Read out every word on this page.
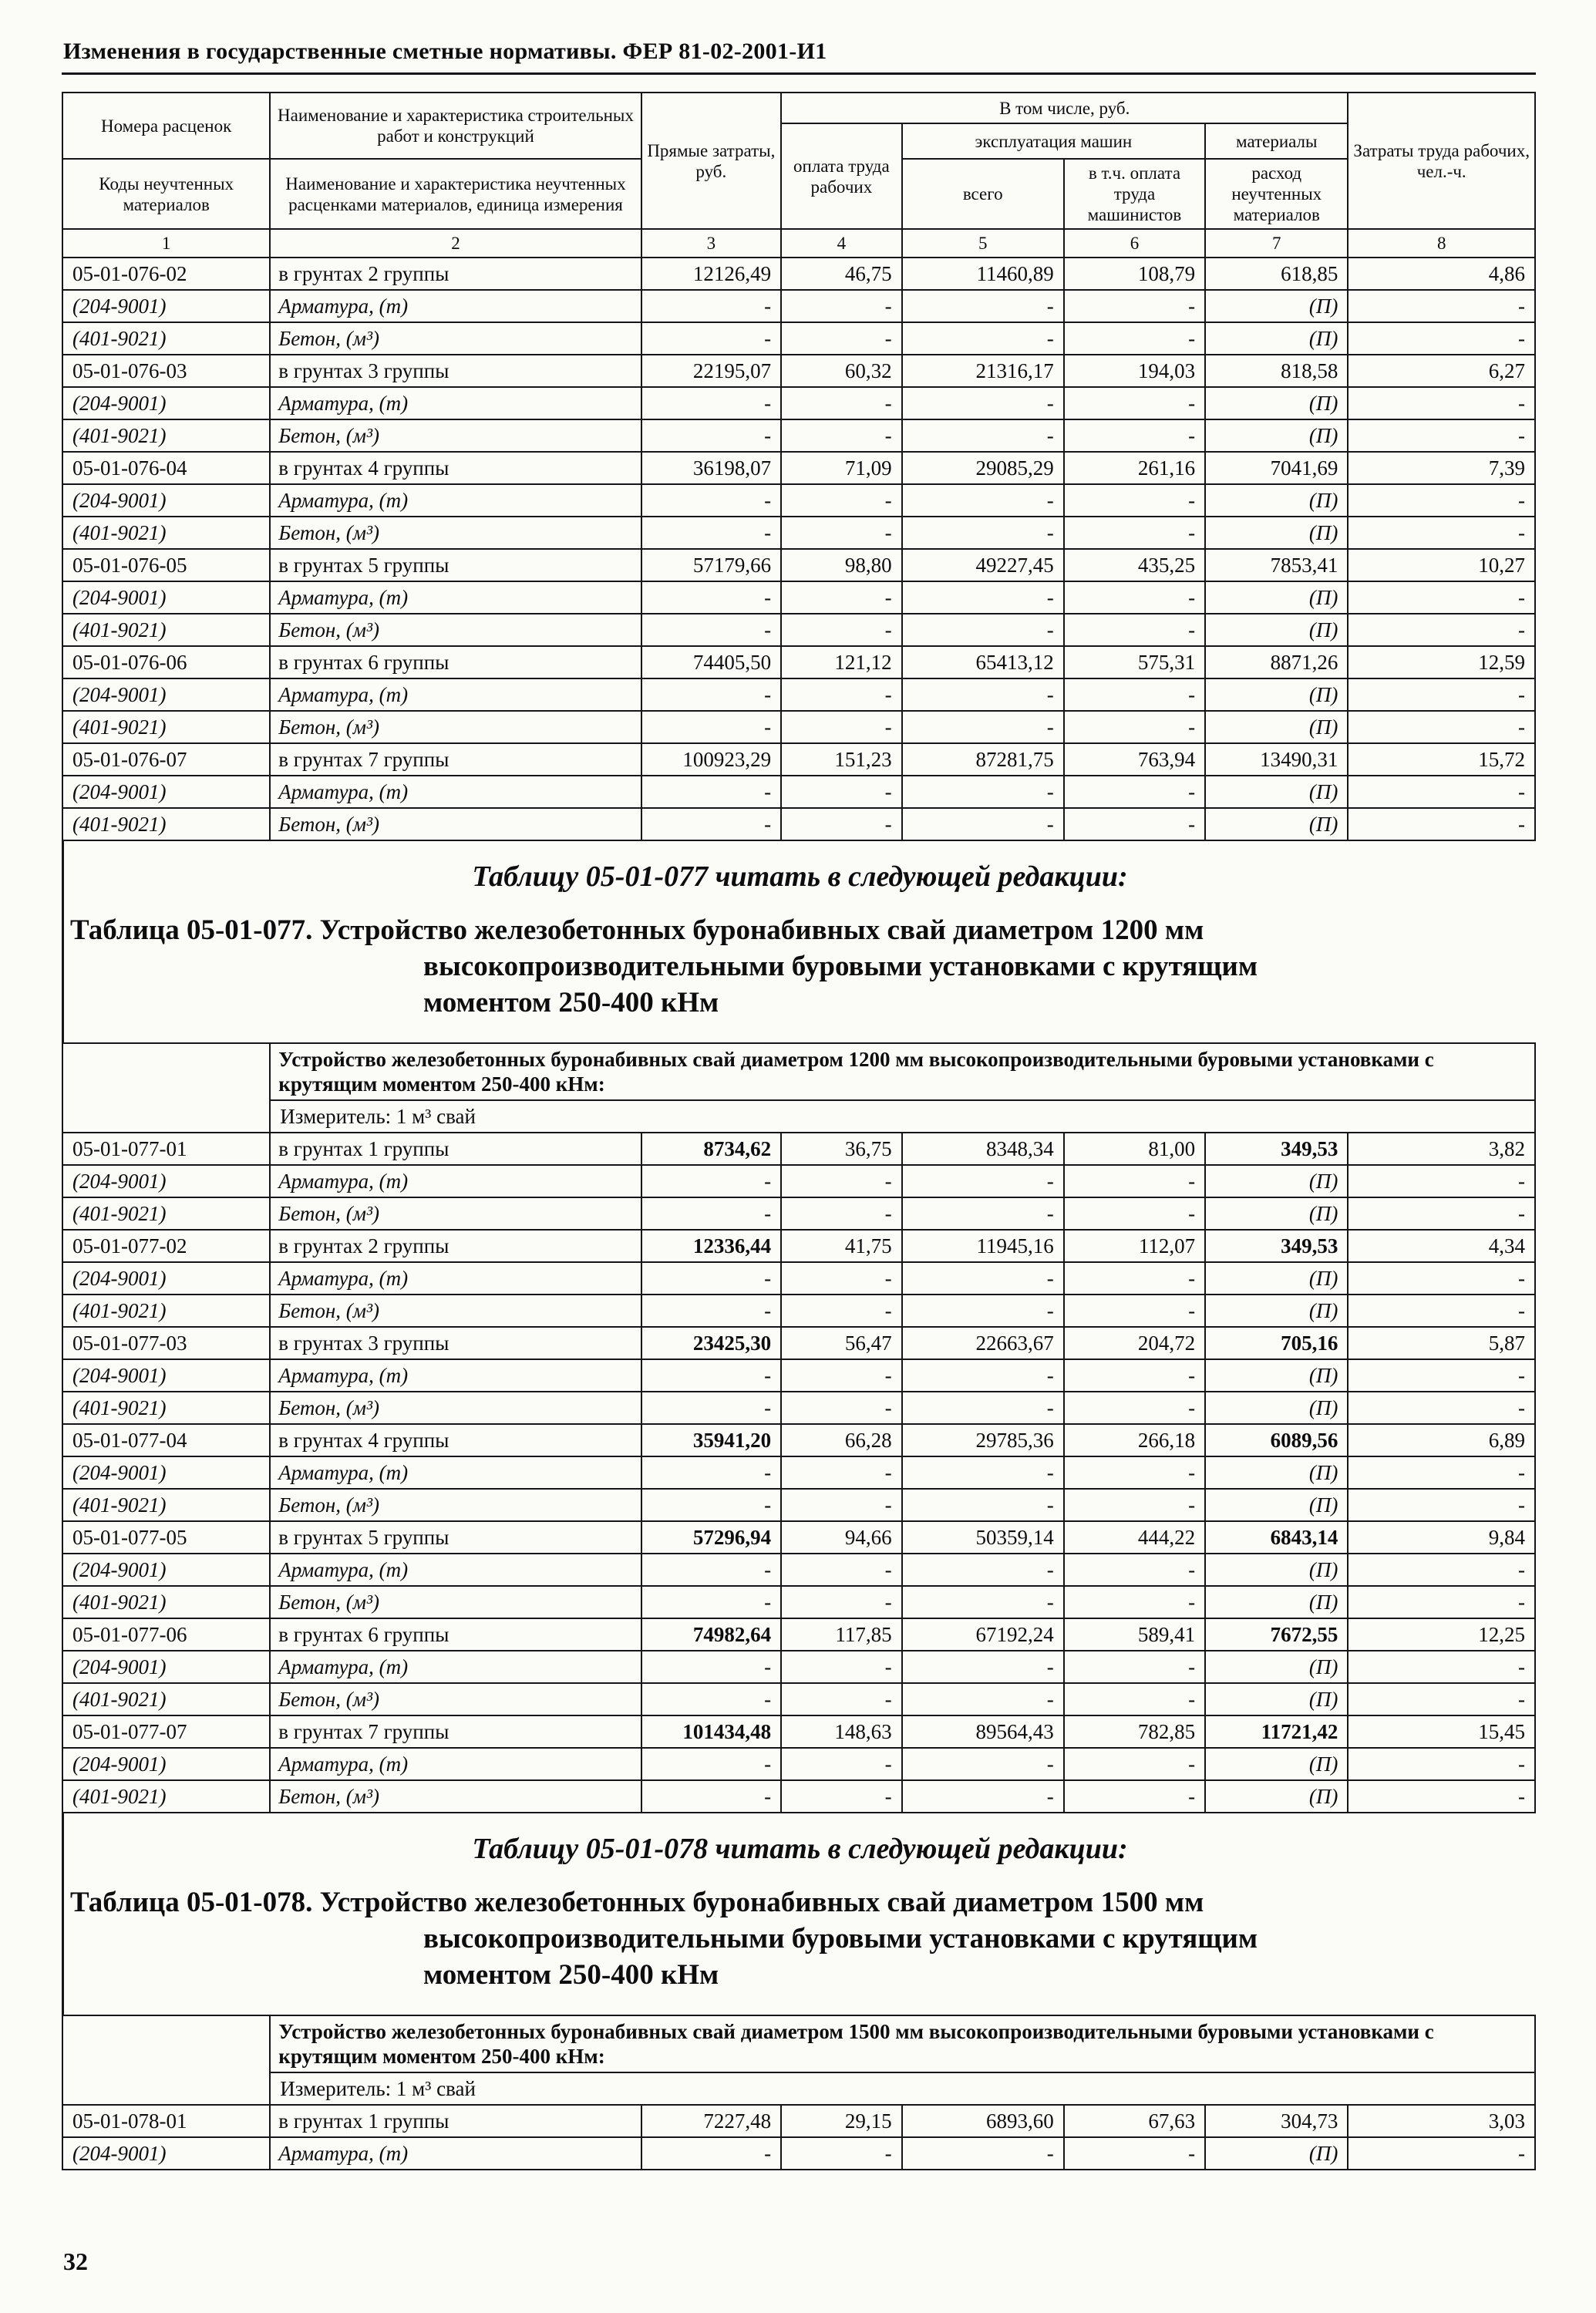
Изменения в государственные сметные нормативы. ФЕР 81-02-2001-И1
Номера расценок	Наименование и характеристика строительных работ и конструкций	Прямые затраты, руб.	В том числе, руб.				Затраты труда рабочих, чел.-ч.
			оплата труда рабочих	эксплуатация машин		материалы	
Коды неучтенных материалов	Наименование и характеристика неучтенных расценками материалов, единица измерения			всего	в т.ч. оплата труда машинистов	расход неучтенных материалов	
1	2	3	4	5	6	7	8
05-01-076-02	в грунтах 2 группы	12126,49	46,75	11460,89	108,79	618,85	4,86
(204-9001)	Арматура, (т)	-	-	-	-	(П)	-
(401-9021)	Бетон, (м³)	-	-	-	-	(П)	-
05-01-076-03	в грунтах 3 группы	22195,07	60,32	21316,17	194,03	818,58	6,27
(204-9001)	Арматура, (т)	-	-	-	-	(П)	-
(401-9021)	Бетон, (м³)	-	-	-	-	(П)	-
05-01-076-04	в грунтах 4 группы	36198,07	71,09	29085,29	261,16	7041,69	7,39
(204-9001)	Арматура, (т)	-	-	-	-	(П)	-
(401-9021)	Бетон, (м³)	-	-	-	-	(П)	-
05-01-076-05	в грунтах 5 группы	57179,66	98,80	49227,45	435,25	7853,41	10,27
(204-9001)	Арматура, (т)	-	-	-	-	(П)	-
(401-9021)	Бетон, (м³)	-	-	-	-	(П)	-
05-01-076-06	в грунтах 6 группы	74405,50	121,12	65413,12	575,31	8871,26	12,59
(204-9001)	Арматура, (т)	-	-	-	-	(П)	-
(401-9021)	Бетон, (м³)	-	-	-	-	(П)	-
05-01-076-07	в грунтах 7 группы	100923,29	151,23	87281,75	763,94	13490,31	15,72
(204-9001)	Арматура, (т)	-	-	-	-	(П)	-
(401-9021)	Бетон, (м³)	-	-	-	-	(П)	-
Таблицу 05-01-077 читать в следующей редакции:
Таблица 05-01-077. Устройство железобетонных буронабивных свай диаметром 1200 мм
высокопроизводительными буровыми установками с крутящим
моментом 250-400 кНм
	Устройство железобетонных буронабивных свай диаметром 1200 мм высокопроизводительными буровыми установками с крутящим моментом 250-400 кНм:						
	Измеритель: 1 м³ свай						
05-01-077-01	в грунтах 1 группы	8734,62	36,75	8348,34	81,00	349,53	3,82
(204-9001)	Арматура, (т)	-	-	-	-	(П)	-
(401-9021)	Бетон, (м³)	-	-	-	-	(П)	-
05-01-077-02	в грунтах 2 группы	12336,44	41,75	11945,16	112,07	349,53	4,34
(204-9001)	Арматура, (т)	-	-	-	-	(П)	-
(401-9021)	Бетон, (м³)	-	-	-	-	(П)	-
05-01-077-03	в грунтах 3 группы	23425,30	56,47	22663,67	204,72	705,16	5,87
(204-9001)	Арматура, (т)	-	-	-	-	(П)	-
(401-9021)	Бетон, (м³)	-	-	-	-	(П)	-
05-01-077-04	в грунтах 4 группы	35941,20	66,28	29785,36	266,18	6089,56	6,89
(204-9001)	Арматура, (т)	-	-	-	-	(П)	-
(401-9021)	Бетон, (м³)	-	-	-	-	(П)	-
05-01-077-05	в грунтах 5 группы	57296,94	94,66	50359,14	444,22	6843,14	9,84
(204-9001)	Арматура, (т)	-	-	-	-	(П)	-
(401-9021)	Бетон, (м³)	-	-	-	-	(П)	-
05-01-077-06	в грунтах 6 группы	74982,64	117,85	67192,24	589,41	7672,55	12,25
(204-9001)	Арматура, (т)	-	-	-	-	(П)	-
(401-9021)	Бетон, (м³)	-	-	-	-	(П)	-
05-01-077-07	в грунтах 7 группы	101434,48	148,63	89564,43	782,85	11721,42	15,45
(204-9001)	Арматура, (т)	-	-	-	-	(П)	-
(401-9021)	Бетон, (м³)	-	-	-	-	(П)	-
Таблицу 05-01-078 читать в следующей редакции:
Таблица 05-01-078. Устройство железобетонных буронабивных свай диаметром 1500 мм
высокопроизводительными буровыми установками с крутящим
моментом 250-400 кНм
	Устройство железобетонных буронабивных свай диаметром 1500 мм высокопроизводительными буровыми установками с крутящим моментом 250-400 кНм:						
	Измеритель: 1 м³ свай						
05-01-078-01	в грунтах 1 группы	7227,48	29,15	6893,60	67,63	304,73	3,03
(204-9001)	Арматура, (т)	-	-	-	-	(П)	-
32
